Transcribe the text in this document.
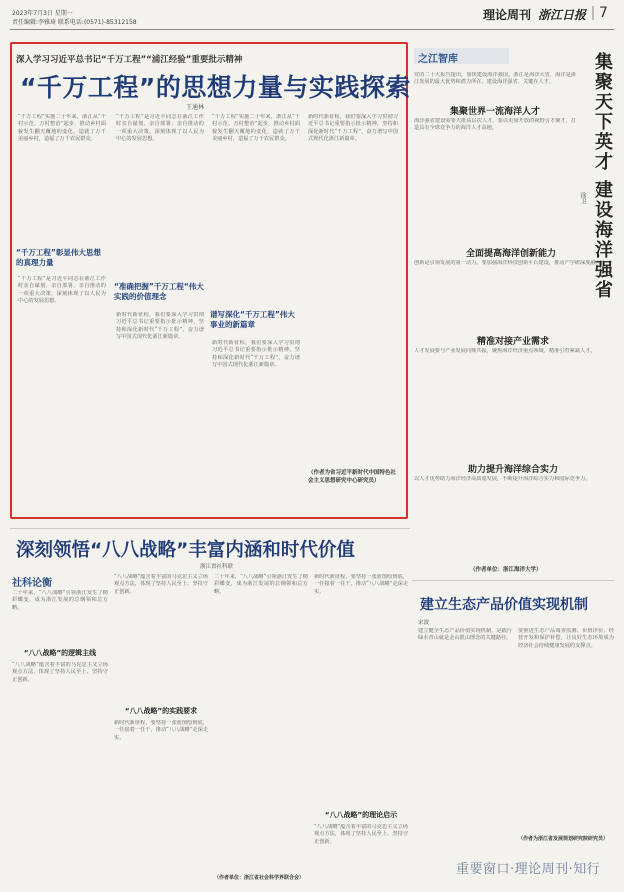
2023年7月3日 星期一
责任编辑:李雅琦 联系电话:(0571)-85312158
理论周刊 浙江日报 7
深入学习习近平总书记“千万工程”“浦江经验”重要批示精神
“千万工程”的思想力量与实践探索
王通林
“千万工程”实施二十年来，浙江从“千村示范、万村整治”起步，推动乡村面貌发生翻天覆地的变化，造就了万千美丽乡村，造福了万千农民群众。
“千万工程”彰显伟大思想的真理力量
“千万工程”是习近平同志在浙江工作时亲自谋划、亲自部署、亲自推动的一项重大决策，深刻体现了以人民为中心的发展思想。
“千万工程”是习近平同志在浙江工作时亲自谋划、亲自部署、亲自推动的一项重大决策，深刻体现了以人民为中心的发展思想。
“准确把握”千万工程“伟大实践的价值理念
新时代新征程，我们要深入学习贯彻习近平总书记重要指示批示精神，坚持和深化新时代“千万工程”，奋力谱写中国式现代化浙江新篇章。
“千万工程”实施二十年来，浙江从“千村示范、万村整治”起步，推动乡村面貌发生翻天覆地的变化，造就了万千美丽乡村，造福了万千农民群众。
谱写深化“千万工程”伟大事业的新篇章
新时代新征程，我们要深入学习贯彻习近平总书记重要指示批示精神，坚持和深化新时代“千万工程”，奋力谱写中国式现代化浙江新篇章。
新时代新征程，我们要深入学习贯彻习近平总书记重要指示批示精神，坚持和深化新时代“千万工程”，奋力谱写中国式现代化浙江新篇章。
（作者为省习近平新时代中国特色社会主义思想研究中心研究员）
之江智库	集聚天下英才 建设海洋强省
徐卫
党的二十大报告提出，加快建设海洋强国。浙江是海洋大省，海洋是浙江发展的最大优势和潜力所在。建设海洋强省，关键在人才。
集聚世界一流海洋人才
海洋强省建设需要大批高层次人才。要以更加开放的视野引才聚才，打造具有全球竞争力的海洋人才高地。
全面提高海洋创新能力
创新是引领发展的第一动力。要加强海洋科技创新平台建设，推动产学研深度融合。
精准对接产业需求
人才发展要与产业发展同频共振，聚焦海洋经济重点领域，精准引育紧缺人才。
助力提升海洋综合实力
以人才优势助力海洋经济高质量发展，不断提升海洋综合实力和国际竞争力。
（作者单位：浙江海洋大学）
深刻领悟“八八战略”丰富内涵和时代价值
浙江省社科联
社科论衡
二十年来，“八八战略”引领浙江发生了精彩蝶变，成为浙江发展的总纲领和总方略。
“八八战略”的逻辑主线
“八八战略”蕴含着丰富的马克思主义立场观点方法，体现了坚持人民至上、坚持守正创新。
“八八战略”蕴含着丰富的马克思主义立场观点方法，体现了坚持人民至上、坚持守正创新。
“八八战略”的实践要求
新时代新征程，要坚持一张蓝图绘到底，一任接着一任干，推动“八八战略”走深走实。
二十年来，“八八战略”引领浙江发生了精彩蝶变，成为浙江发展的总纲领和总方略。
新时代新征程，要坚持一张蓝图绘到底，一任接着一任干，推动“八八战略”走深走实。
“八八战略”的理论启示
“八八战略”蕴含着丰富的马克思主义立场观点方法，体现了坚持人民至上、坚持守正创新。
（作者单位：浙江省社会科学界联合会）
建立生态产品价值实现机制
宋波
建立健全生态产品价值实现机制，是践行绿水青山就是金山银山理念的关键路径。
要推进生态产品调查监测、价值评价、经营开发和保护补偿，让良好生态环境成为经济社会持续健康发展的支撑点。
（作者为浙江省发展规划研究院研究员）
重要窗口·理论周刊·知行
